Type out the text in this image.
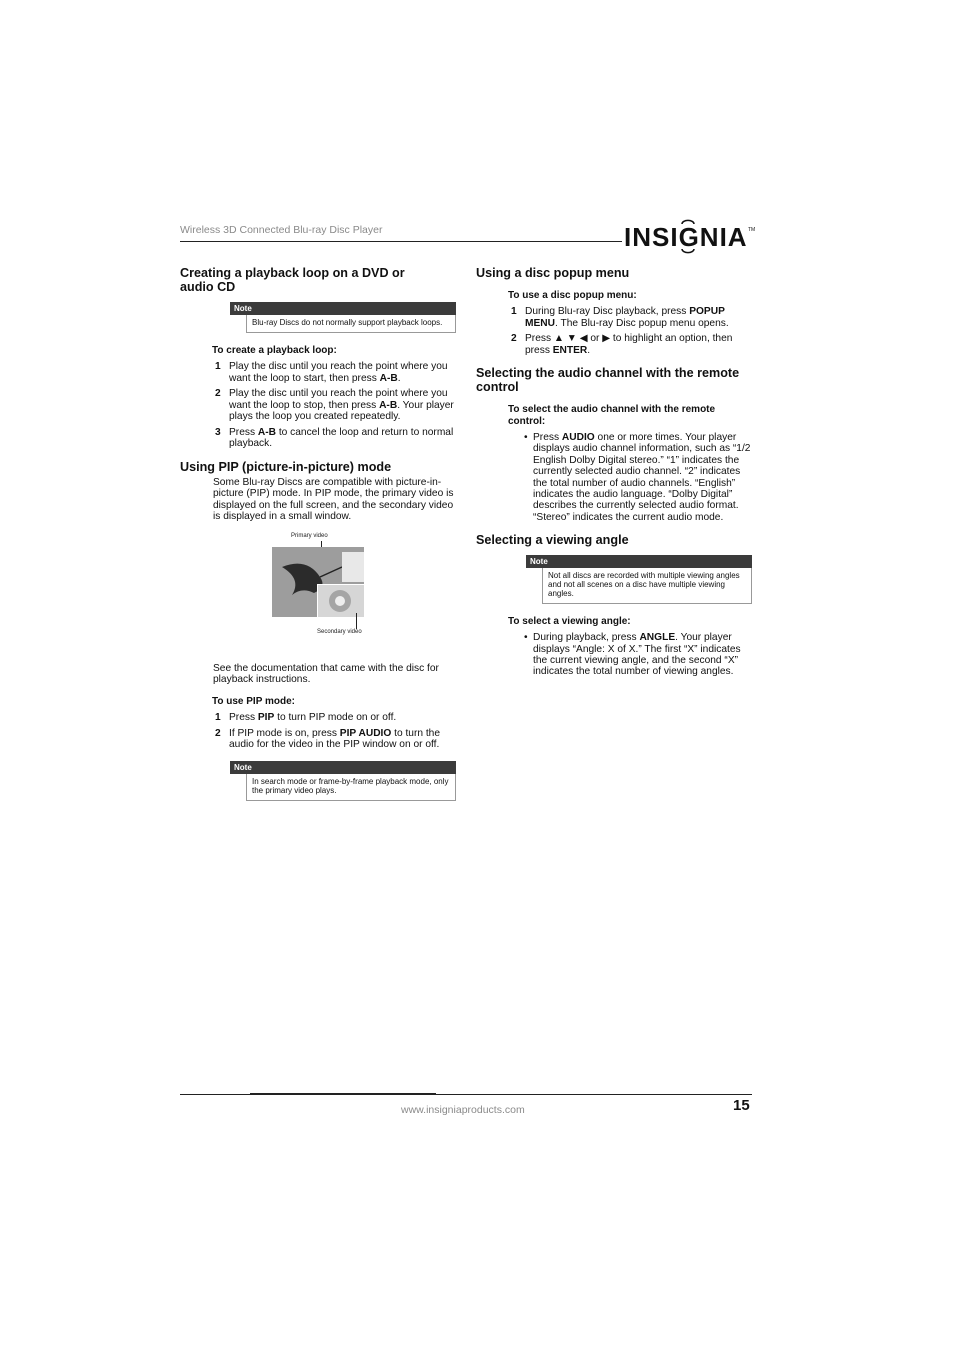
Wireless 3D Connected Blu-ray Disc Player	INSIGNIA TM
Creating a playback loop on a DVD or audio CD
Note
Blu-ray Discs do not normally support playback loops.
To create a playback loop:
1 Play the disc until you reach the point where you want the loop to start, then press A-B.
2 Play the disc until you reach the point where you want the loop to stop, then press A-B. Your player plays the loop you created repeatedly.
3 Press A-B to cancel the loop and return to normal playback.
Using PIP (picture-in-picture) mode

Some Blu-ray Discs are compatible with picture-in-picture (PIP) mode. In PIP mode, the primary video is displayed on the full screen, and the secondary video is displayed in a small window.

Primary video
Secondary video

See the documentation that came with the disc for playback instructions.

To use PIP mode:
1 Press PIP to turn PIP mode on or off.
2 If PIP mode is on, press PIP AUDIO to turn the audio for the video in the PIP window on or off.
Note
In search mode or frame-by-frame playback mode, only the primary video plays.
Using a disc popup menu
To use a disc popup menu:
1 During Blu-ray Disc playback, press POPUP MENU. The Blu-ray Disc popup menu opens.
2 Press ▲ ▼ ◀ or ▶ to highlight an option, then press ENTER.
Selecting the audio channel with the remote control
To select the audio channel with the remote control:
• Press AUDIO one or more times. Your player displays audio channel information, such as “1/2 English Dolby Digital stereo.” “1” indicates the currently selected audio channel. “2” indicates the total number of audio channels. “English” indicates the audio language. “Dolby Digital” describes the currently selected audio format. “Stereo” indicates the current audio mode.
Selecting a viewing angle
Note
Not all discs are recorded with multiple viewing angles and not all scenes on a disc have multiple viewing angles.
To select a viewing angle:
• During playback, press ANGLE. Your player displays “Angle: X of X.” The first “X” indicates the current viewing angle, and the second “X” indicates the total number of viewing angles.
www.insigniaproducts.com	15
